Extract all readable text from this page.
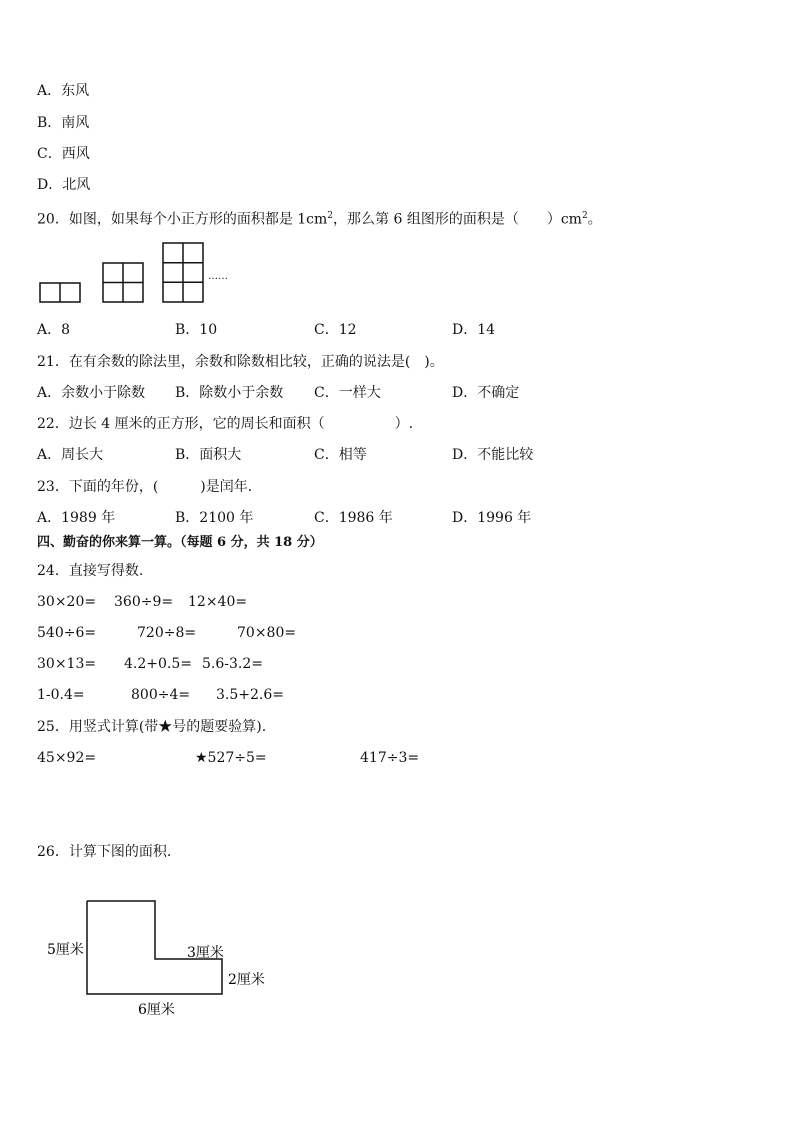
A．东风
B．南风
C．西风
D．北风
20．如图，如果每个小正方形的面积都是 $1cm^2$，那么第 6 组图形的面积是（　　）$cm^2$。
……
A．8	B．10	C．12	D．14
21．在有余数的除法里，余数和除数相比较，正确的说法是(　)。
A．余数小于除数 B．除数小于余数 C．一样大	D．不确定
22．边长 4 厘米的正方形，它的周长和面积（　　　　　）.
A．周长大	B．面积大	C．相等	D．不能比较
23．下面的年份，(　　　)是闰年.
A．1989 年	B．2100 年	C．1986 年	D．1996 年
四、勤奋的你来算一算。（每题 6 分，共 18 分）
24．直接写得数.
30×20= 360÷9= 12×40=
540÷6=	720÷8=	70×80=
30×13= 4.2+0.5= 5.6-3.2=
1-0.4=	800÷4= 3.5+2.6=
25．用竖式计算(带★号的题要验算).
45×92=	★527÷5=	417÷3=
26．计算下图的面积.
5厘米	3厘米
2厘米
6厘米
